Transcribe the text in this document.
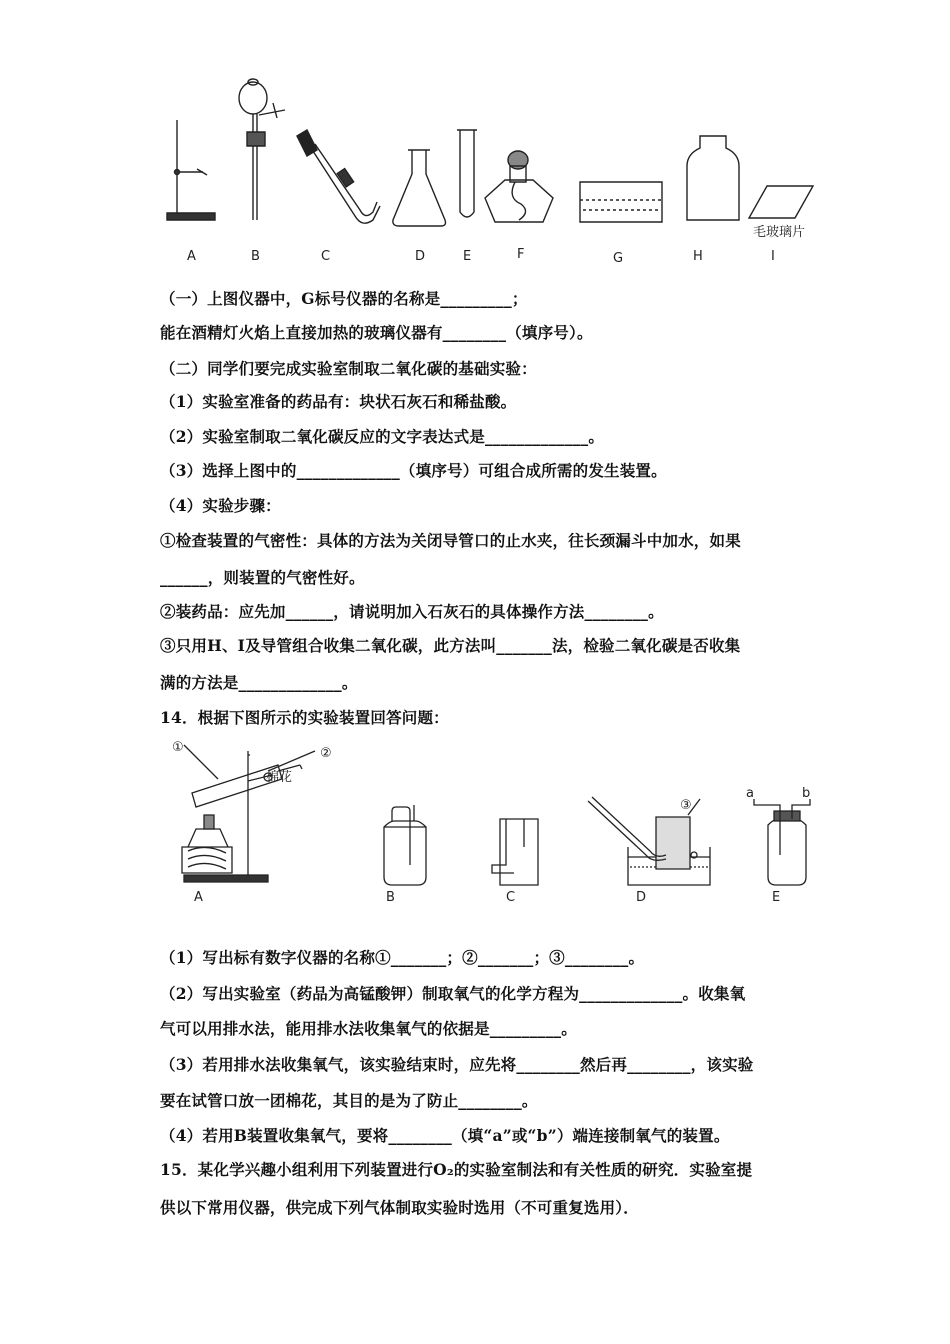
毛玻璃片
A	B	C	D	E	F	G	H	I
（一）上图仪器中，G标号仪器的名称是_________；
能在酒精灯火焰上直接加热的玻璃仪器有________（填序号）。
（二）同学们要完成实验室制取二氧化碳的基础实验：
（1）实验室准备的药品有：块状石灰石和稀盐酸。
（2）实验室制取二氧化碳反应的文字表达式是_____________。
（3）选择上图中的_____________（填序号）可组合成所需的发生装置。
（4）实验步骤：
①检查装置的气密性：具体的方法为关闭导管口的止水夹，往长颈漏斗中加水，如果
______，则装置的气密性好。
②装药品：应先加______，请说明加入石灰石的具体操作方法________。
③只用H、I及导管组合收集二氧化碳，此方法叫_______法，检验二氧化碳是否收集
满的方法是_____________。
14．根据下图所示的实验装置回答问题：
①	②
棉花
③
a	b
A	B	C	D	E
（1）写出标有数字仪器的名称①_______；②_______；③________。
（2）写出实验室（药品为高锰酸钾）制取氧气的化学方程为_____________。收集氧
气可以用排水法，能用排水法收集氧气的依据是_________。
（3）若用排水法收集氧气，该实验结束时，应先将________然后再________，该实验
要在试管口放一团棉花，其目的是为了防止________。
（4）若用B装置收集氧气，要将________（填“a”或“b”）端连接制氧气的装置。
15．某化学兴趣小组利用下列装置进行O₂的实验室制法和有关性质的研究．实验室提
供以下常用仪器，供完成下列气体制取实验时选用（不可重复选用）．
